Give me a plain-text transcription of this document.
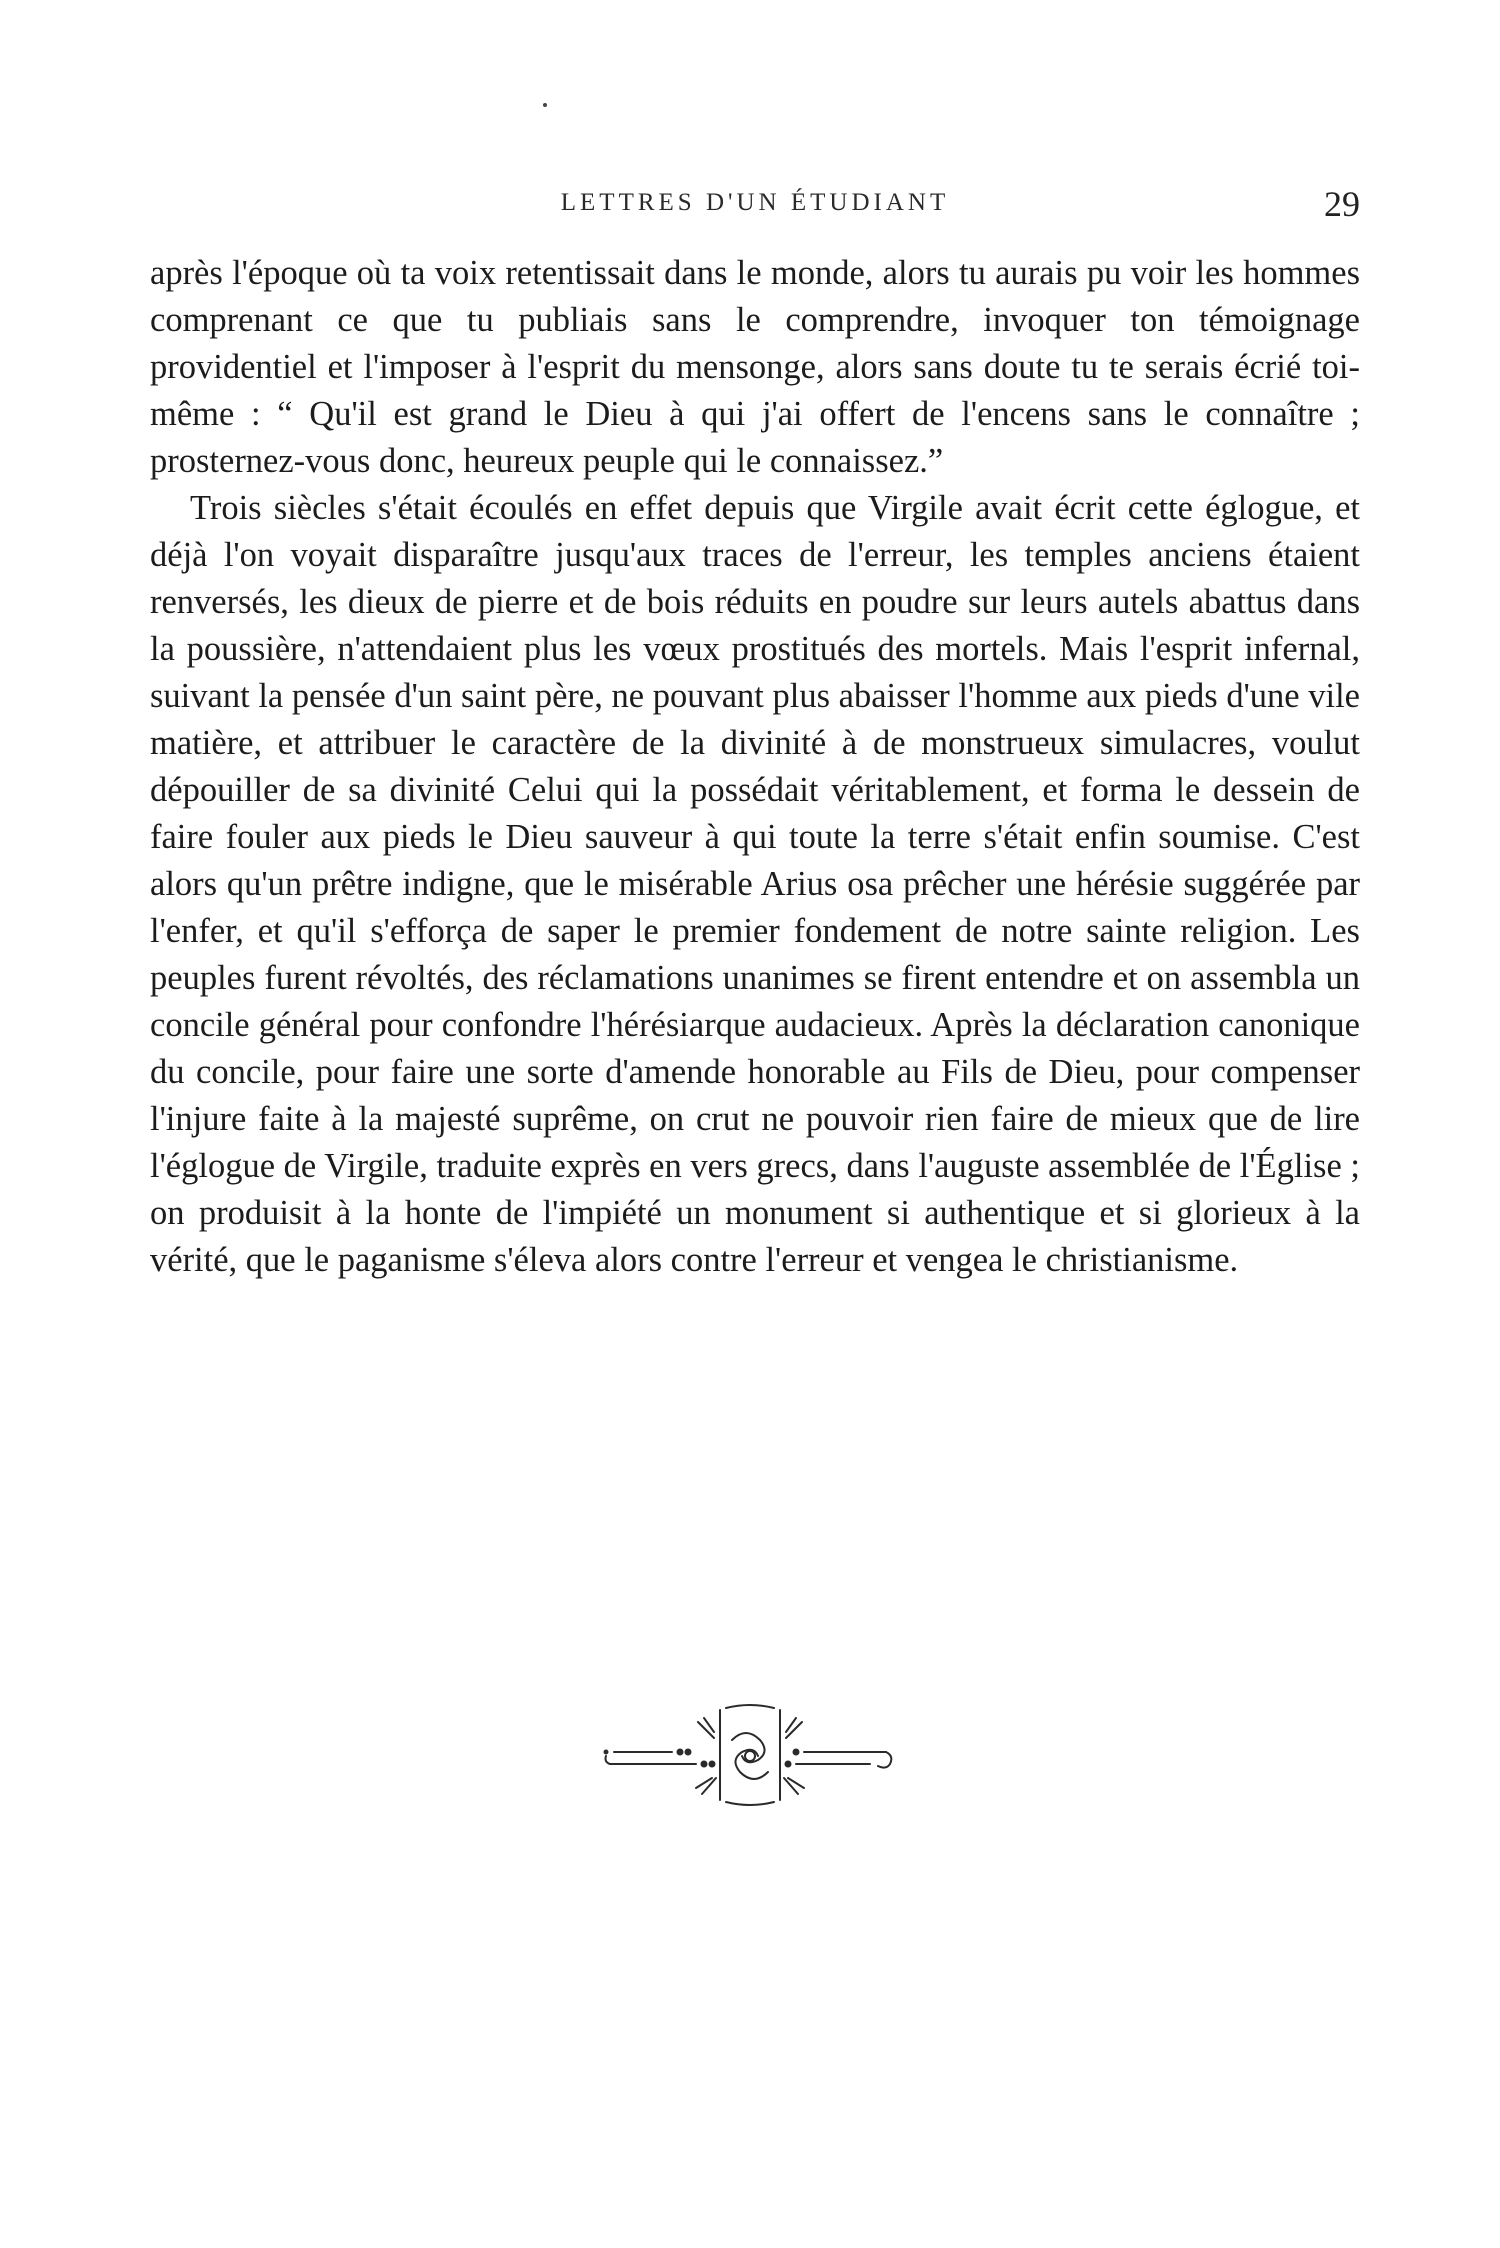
LETTRES D'UN ÉTUDIANT	29

après l'époque où ta voix retentissait dans le monde, alors tu aurais pu voir les hommes comprenant ce que tu publiais sans le comprendre, invoquer ton témoignage providentiel et l'imposer à l'esprit du mensonge, alors sans doute tu te serais écrié toi-même : “ Qu'il est grand le Dieu à qui j'ai offert de l'encens sans le connaître ; prosternez-vous donc, heureux peuple qui le connaissez.”

Trois siècles s'était écoulés en effet depuis que Virgile avait écrit cette églogue, et déjà l'on voyait disparaître jusqu'aux traces de l'erreur, les temples anciens étaient renversés, les dieux de pierre et de bois réduits en poudre sur leurs autels abattus dans la poussière, n'attendaient plus les vœux prostitués des mortels. Mais l'esprit infernal, suivant la pensée d'un saint père, ne pouvant plus abaisser l'homme aux pieds d'une vile matière, et attribuer le caractère de la divinité à de monstrueux simulacres, voulut dépouiller de sa divinité Celui qui la possédait véritablement, et forma le dessein de faire fouler aux pieds le Dieu sauveur à qui toute la terre s'était enfin soumise. C'est alors qu'un prêtre indigne, que le misérable Arius osa prêcher une hérésie suggérée par l'enfer, et qu'il s'efforça de saper le premier fondement de notre sainte religion. Les peuples furent révoltés, des réclamations unanimes se firent entendre et on assembla un concile général pour confondre l'hérésiarque audacieux. Après la déclaration canonique du concile, pour faire une sorte d'amende honorable au Fils de Dieu, pour compenser l'injure faite à la majesté suprême, on crut ne pouvoir rien faire de mieux que de lire l'églogue de Virgile, traduite exprès en vers grecs, dans l'auguste assemblée de l'Église ; on produisit à la honte de l'impiété un monument si authentique et si glorieux à la vérité, que le paganisme s'éleva alors contre l'erreur et vengea le christianisme.
